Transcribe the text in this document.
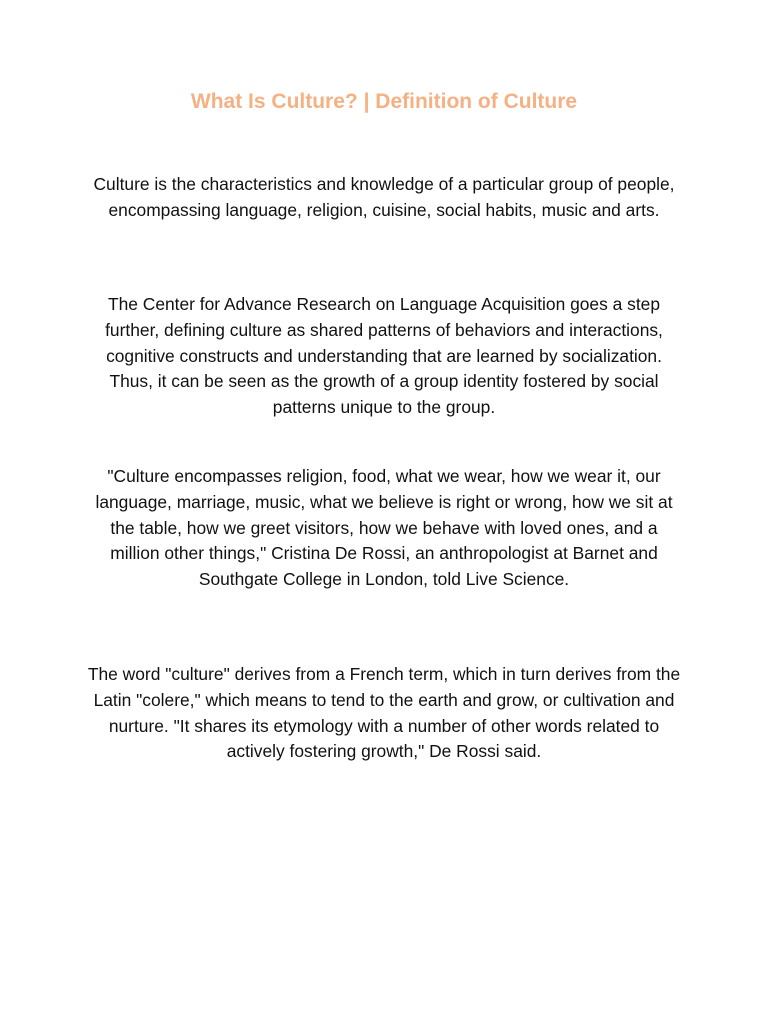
What Is Culture? | Definition of Culture

Culture is the characteristics and knowledge of a particular group of people, encompassing language, religion, cuisine, social habits, music and arts.

The Center for Advance Research on Language Acquisition goes a step further, defining culture as shared patterns of behaviors and interactions, cognitive constructs and understanding that are learned by socialization. Thus, it can be seen as the growth of a group identity fostered by social patterns unique to the group.

"Culture encompasses religion, food, what we wear, how we wear it, our language, marriage, music, what we believe is right or wrong, how we sit at the table, how we greet visitors, how we behave with loved ones, and a million other things," Cristina De Rossi, an anthropologist at Barnet and Southgate College in London, told Live Science.

The word "culture" derives from a French term, which in turn derives from the Latin "colere," which means to tend to the earth and grow, or cultivation and nurture. "It shares its etymology with a number of other words related to actively fostering growth," De Rossi said.
